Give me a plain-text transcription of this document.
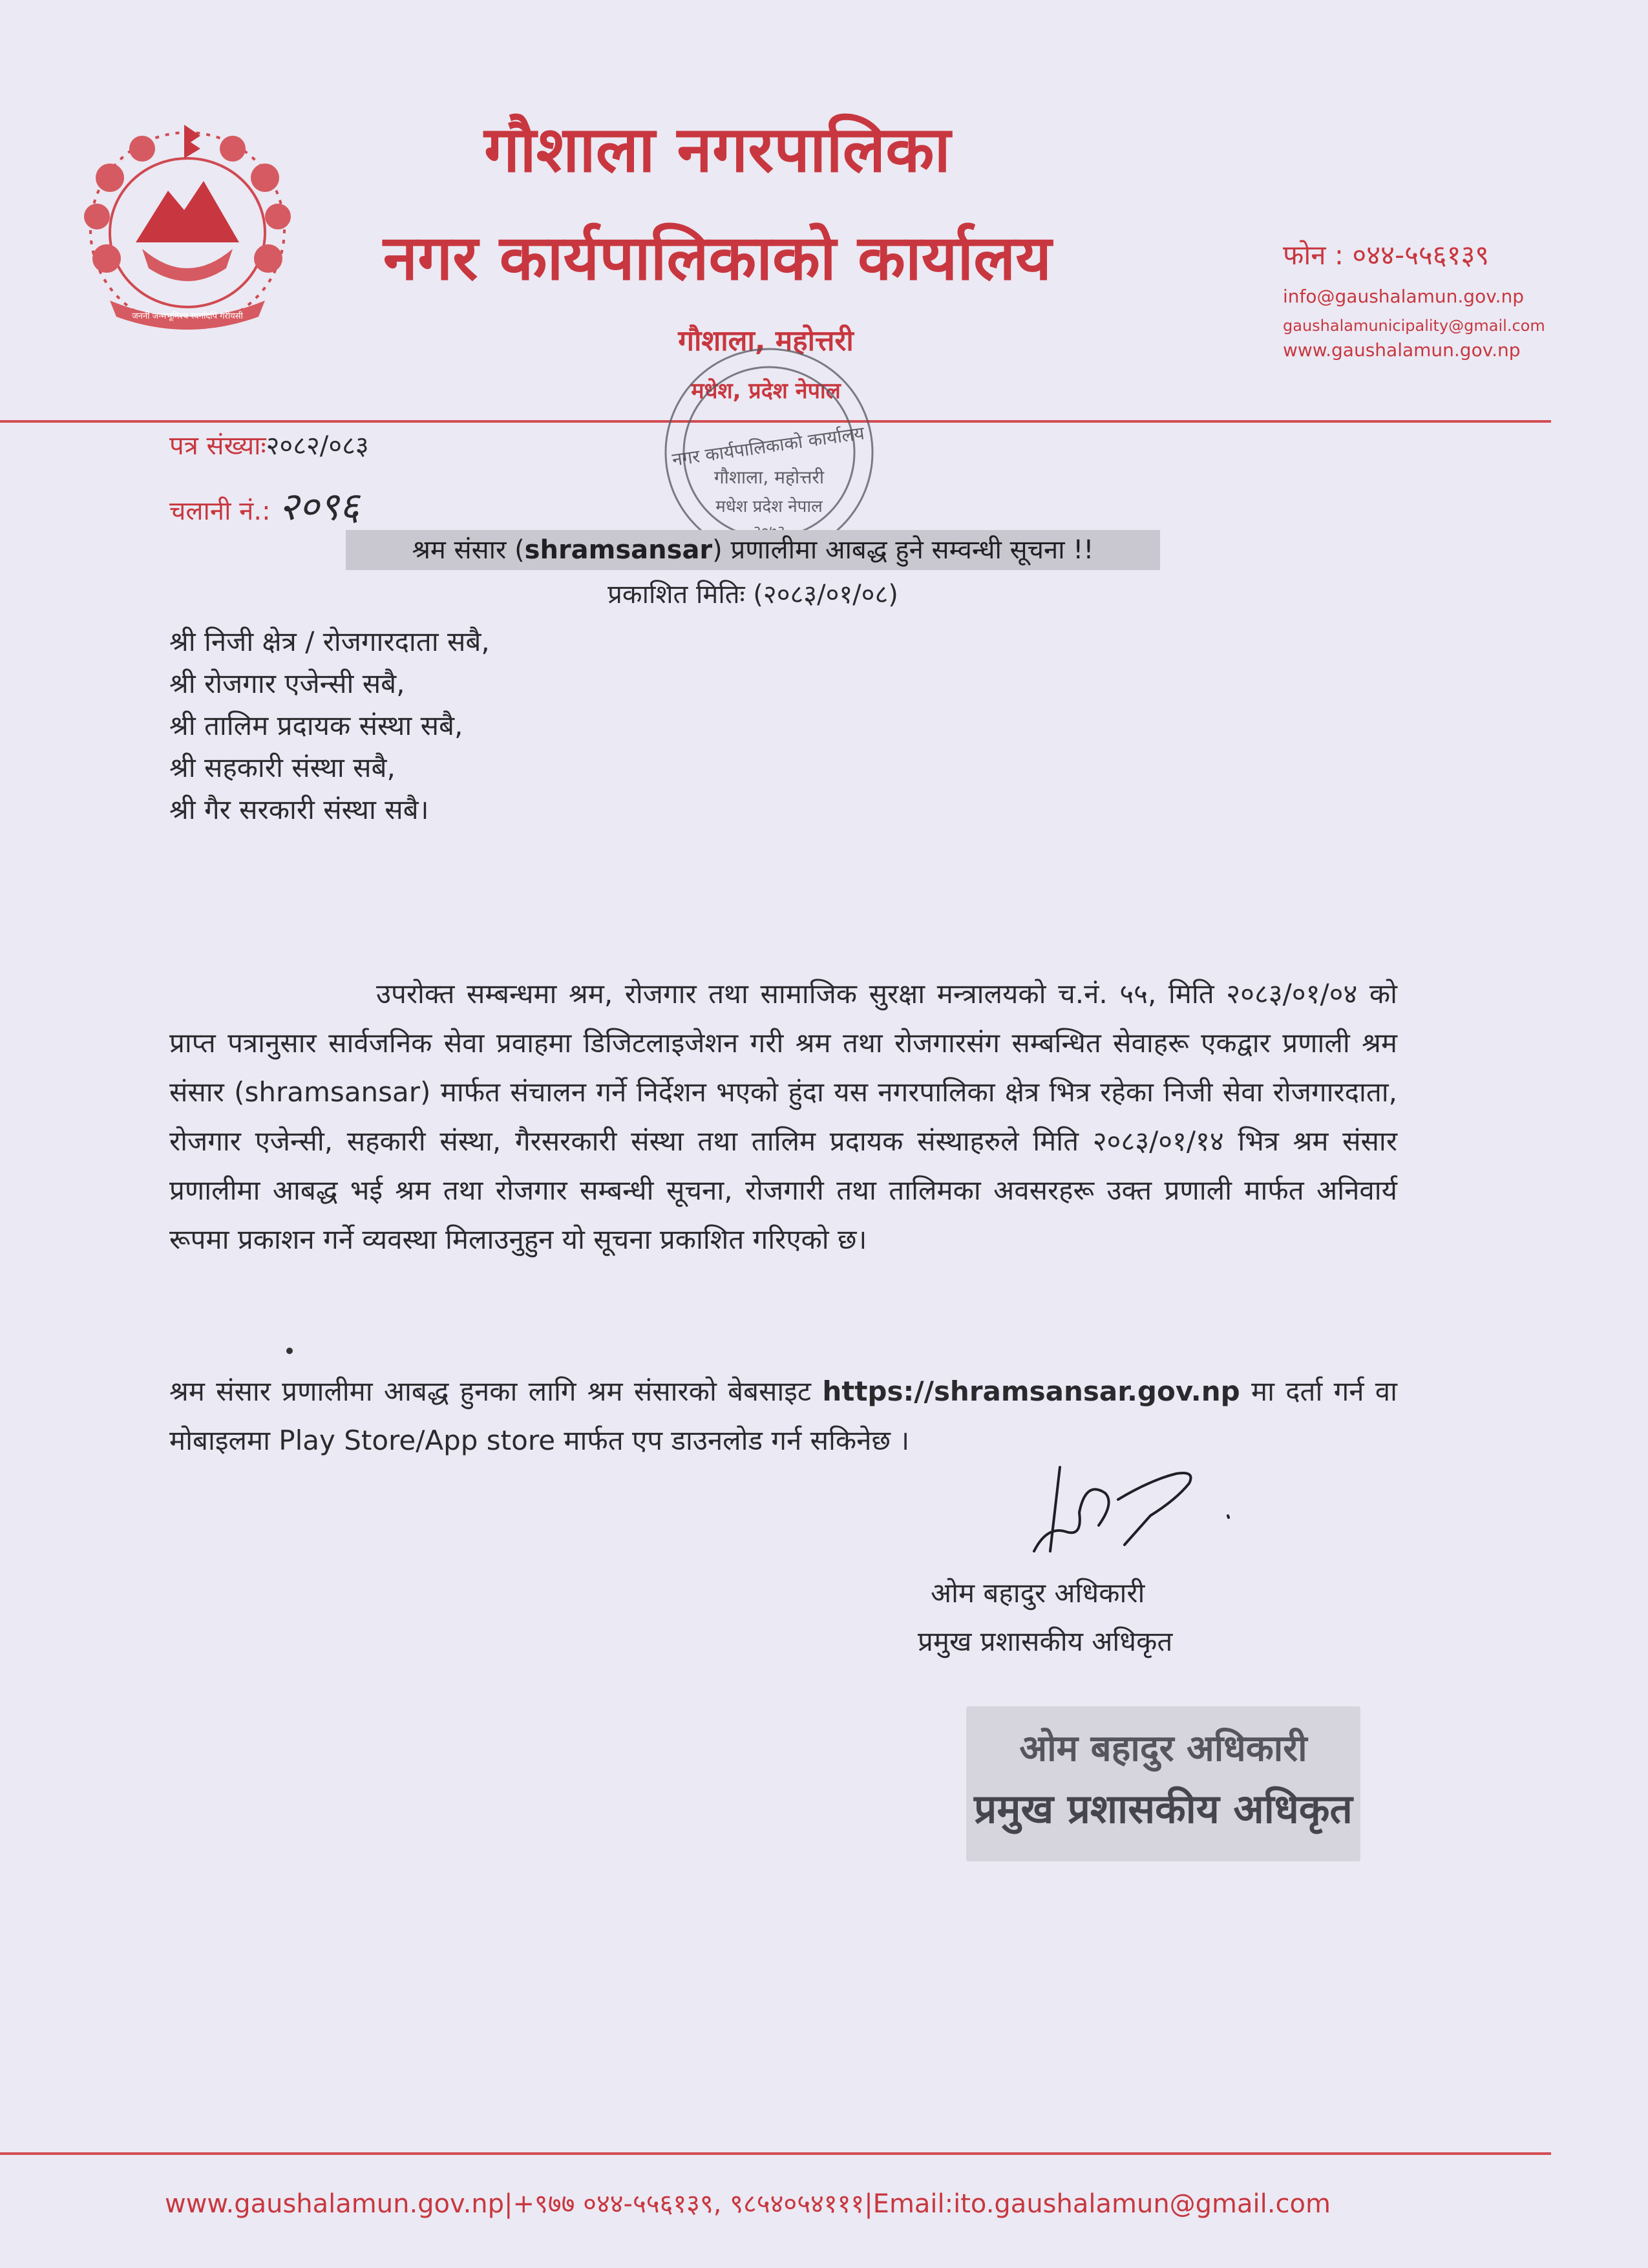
जननी जन्मभूमिश्च स्वर्गादपि गरीयसी
गौशाला नगरपालिका
नगर कार्यपालिकाको कार्यालय
गौशाला, महोत्तरी
मधेश, प्रदेश नेपाल
फोन : ०४४-५५६१३९
info@gaushalamun.gov.np
gaushalamunicipality@gmail.com
www.gaushalamun.gov.np
पत्र संख्याः२०८२/०८३
चलानी नं.: २०९६
नगर कार्यपालिकाको कार्यालय
गौशाला, महोत्तरी
मधेश प्रदेश नेपाल
श्रम संसार (shramsansar) प्रणालीमा आबद्ध हुने सम्वन्धी सूचना !!
प्रकाशित मितिः (२०८३/०१/०८)
श्री निजी क्षेत्र / रोजगारदाता सबै,
श्री रोजगार एजेन्सी सबै,
श्री तालिम प्रदायक संस्था सबै,
श्री सहकारी संस्था सबै,
श्री गैर सरकारी संस्था सबै।

उपरोक्त सम्बन्धमा श्रम, रोजगार तथा सामाजिक सुरक्षा मन्त्रालयको च.नं. ५५, मिति २०८३/०१/०४ को प्राप्त पत्रानुसार सार्वजनिक सेवा प्रवाहमा डिजिटलाइजेशन गरी श्रम तथा रोजगारसंग सम्बन्धित सेवाहरू एकद्वार प्रणाली श्रम संसार (shramsansar) मार्फत संचालन गर्ने निर्देशन भएको हुंदा यस नगरपालिका क्षेत्र भित्र रहेका निजी सेवा रोजगारदाता, रोजगार एजेन्सी, सहकारी संस्था, गैरसरकारी संस्था तथा तालिम प्रदायक संस्थाहरुले मिति २०८३/०१/१४ भित्र श्रम संसार प्रणालीमा आबद्ध भई श्रम तथा रोजगार सम्बन्धी सूचना, रोजगारी तथा तालिमका अवसरहरू उक्त प्रणाली मार्फत अनिवार्य रूपमा प्रकाशन गर्ने व्यवस्था मिलाउनुहुन यो सूचना प्रकाशित गरिएको छ।

श्रम संसार प्रणालीमा आबद्ध हुनका लागि श्रम संसारको बेबसाइट https://shramsansar.gov.np मा दर्ता गर्न वा मोबाइलमा Play Store/App store मार्फत एप डाउनलोड गर्न सकिनेछ ।

ओम बहादुर अधिकारी
प्रमुख प्रशासकीय अधिकृत
ओम बहादुर अधिकारी
प्रमुख प्रशासकीय अधिकृत
www.gaushalamun.gov.np|+९७७ ०४४-५५६१३९, ९८५४०५४१११|Email:ito.gaushalamun@gmail.com
